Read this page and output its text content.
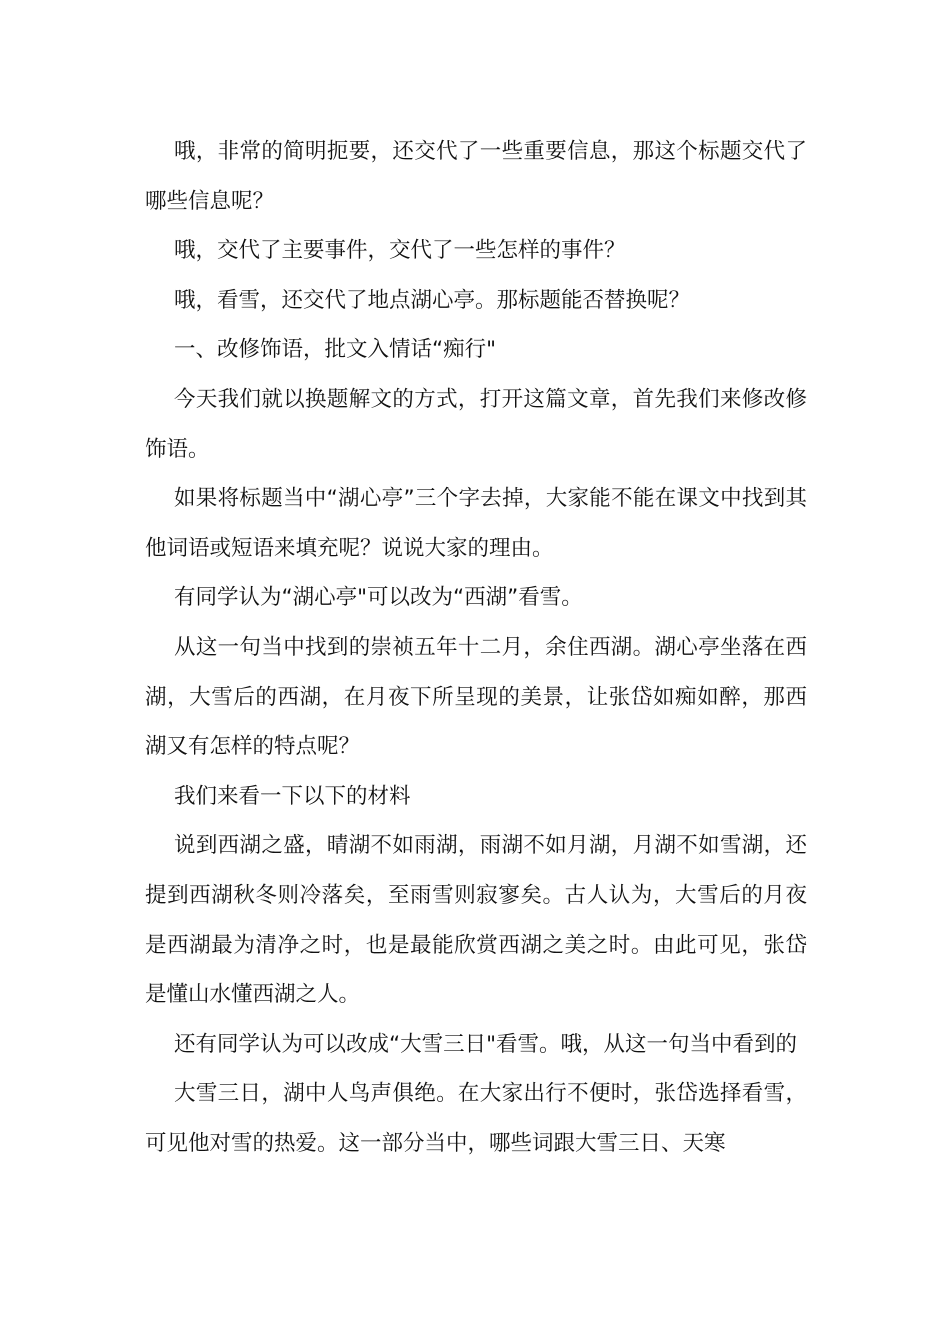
哦，非常的简明扼要，还交代了一些重要信息，那这个标题交代了哪些信息呢？

哦，交代了主要事件，交代了一些怎样的事件？

哦，看雪，还交代了地点湖心亭。那标题能否替换呢？

一、改修饰语，批文入情话“痴行"

今天我们就以换题解文的方式，打开这篇文章，首先我们来修改修饰语。

如果将标题当中“湖心亭”三个字去掉，大家能不能在课文中找到其他词语或短语来填充呢？说说大家的理由。

有同学认为“湖心亭"可以改为“西湖”看雪。

从这一句当中找到的崇祯五年十二月，余住西湖。湖心亭坐落在西湖，大雪后的西湖，在月夜下所呈现的美景，让张岱如痴如醉，那西湖又有怎样的特点呢？

我们来看一下以下的材料

说到西湖之盛，晴湖不如雨湖，雨湖不如月湖，月湖不如雪湖，还提到西湖秋冬则冷落矣，至雨雪则寂寥矣。古人认为，大雪后的月夜是西湖最为清净之时，也是最能欣赏西湖之美之时。由此可见，张岱是懂山水懂西湖之人。

还有同学认为可以改成“大雪三日"看雪。哦，从这一句当中看到的

大雪三日，湖中人鸟声俱绝。在大家出行不便时，张岱选择看雪，可见他对雪的热爱。这一部分当中，哪些词跟大雪三日、天寒
